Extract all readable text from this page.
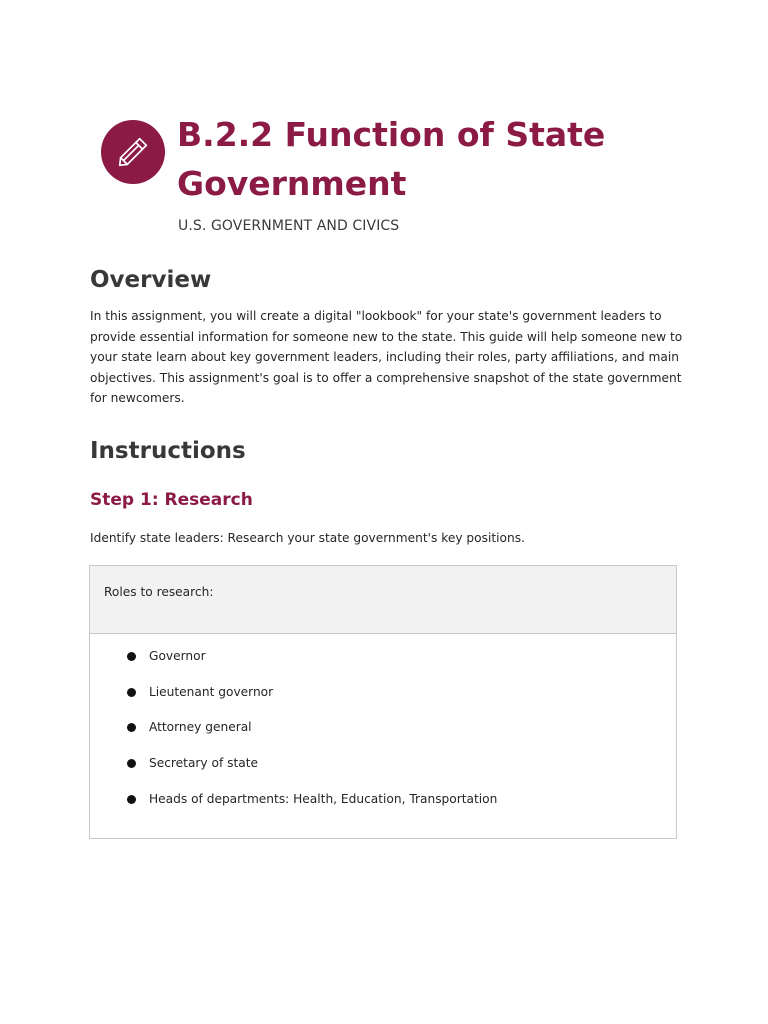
B.2.2 Function of State Government

U.S. GOVERNMENT AND CIVICS

Overview

In this assignment, you will create a digital "lookbook" for your state's government leaders to provide essential information for someone new to the state. This guide will help someone new to your state learn about key government leaders, including their roles, party affiliations, and main objectives. This assignment's goal is to offer a comprehensive snapshot of the state government for newcomers.

Instructions
Step 1: Research

Identify state leaders: Research your state government's key positions.

Roles to research:
Governor
Lieutenant governor
Attorney general
Secretary of state
Heads of departments: Health, Education, Transportation
